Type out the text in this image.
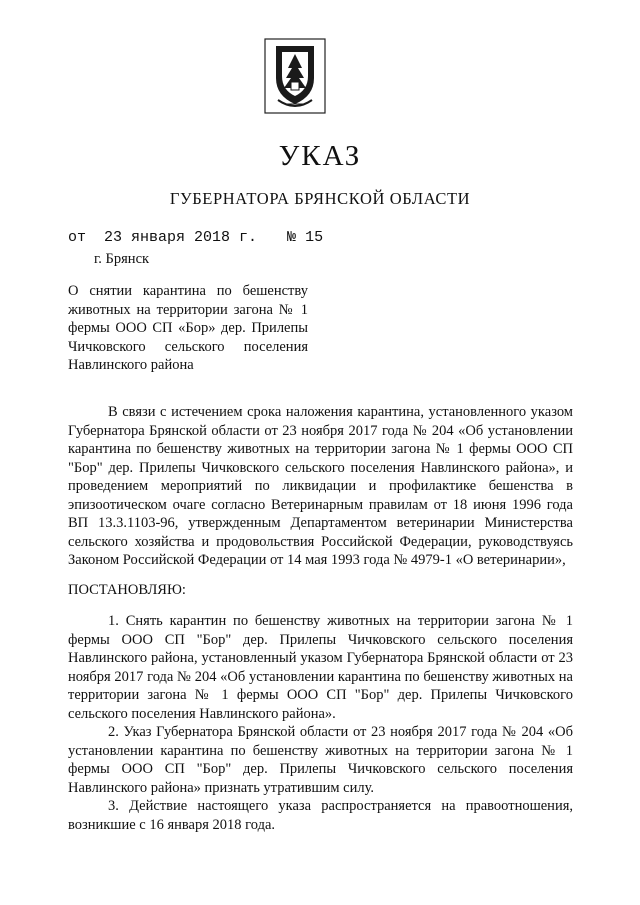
УКАЗ
ГУБЕРНАТОРА БРЯНСКОЙ ОБЛАСТИ
от 23 января 2018 г. № 15
г. Брянск
О снятии карантина по бешенству
животных на территории загона № 1
фермы ООО СП «Бор» дер. Прилепы
Чичковского сельского поселения
Навлинского района

В связи с истечением срока наложения карантина, установленного указом Губернатора Брянской области от 23 ноября 2017 года № 204 «Об установлении карантина по бешенству животных на территории загона № 1 фермы ООО СП "Бор" дер. Прилепы Чичковского сельского поселения Навлинского района», и проведением мероприятий по ликвидации и профилактике бешенства в эпизоотическом очаге согласно Ветеринарным правилам от 18 июня 1996 года ВП 13.3.1103-96, утвержденным Департаментом ветеринарии Министерства сельского хозяйства и продовольствия Российской Федерации, руководствуясь Законом Российской Федерации от 14 мая 1993 года № 4979-1 «О ветеринарии»,

ПОСТАНОВЛЯЮ:

1. Снять карантин по бешенству животных на территории загона № 1 фермы ООО СП "Бор" дер. Прилепы Чичковского сельского поселения Навлинского района, установленный указом Губернатора Брянской области от 23 ноября 2017 года № 204 «Об установлении карантина по бешенству животных на территории загона № 1 фермы ООО СП "Бор" дер. Прилепы Чичковского сельского поселения Навлинского района».

2. Указ Губернатора Брянской области от 23 ноября 2017 года № 204 «Об установлении карантина по бешенству животных на территории загона № 1 фермы ООО СП "Бор" дер. Прилепы Чичковского сельского поселения Навлинского района» признать утратившим силу.

3. Действие настоящего указа распространяется на правоотношения, возникшие с 16 января 2018 года.
